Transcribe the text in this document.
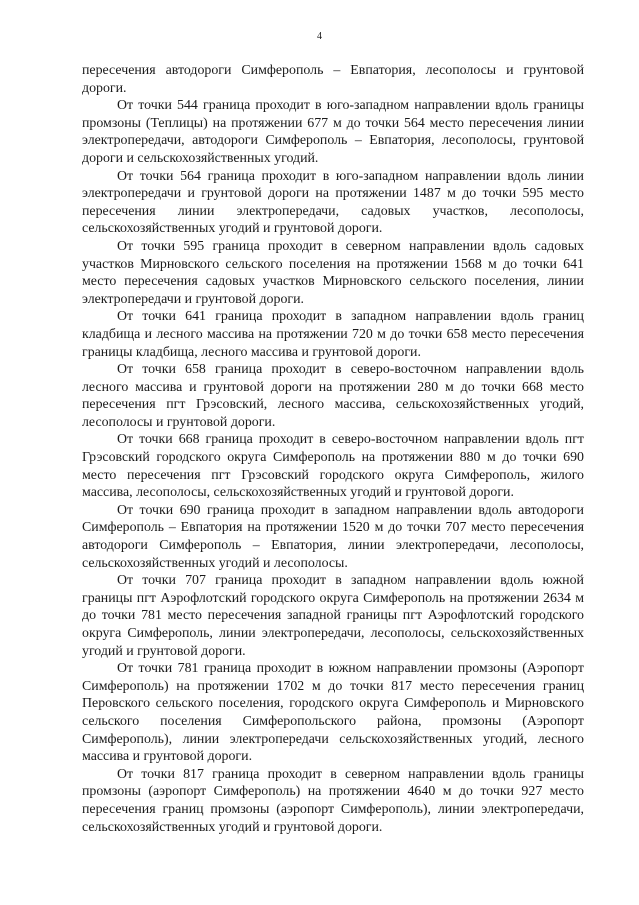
4

пересечения автодороги Симферополь – Евпатория, лесополосы и грунтовой дороги.

От точки 544 граница проходит в юго-западном направлении вдоль границы промзоны (Теплицы) на протяжении 677 м до точки 564 место пересечения линии электропередачи, автодороги Симферополь – Евпатория, лесополосы, грунтовой дороги и сельскохозяйственных угодий.

От точки 564 граница проходит в юго-западном направлении вдоль линии электропередачи и грунтовой дороги на протяжении 1487 м до точки 595 место пересечения линии электропередачи, садовых участков, лесополосы, сельскохозяйственных угодий и грунтовой дороги.

От точки 595 граница проходит в северном направлении вдоль садовых участков Мирновского сельского поселения на протяжении 1568 м до точки 641 место пересечения садовых участков Мирновского сельского поселения, линии электропередачи и грунтовой дороги.

От точки 641 граница проходит в западном направлении вдоль границ кладбища и лесного массива на протяжении 720 м до точки 658 место пересечения границы кладбища, лесного массива и грунтовой дороги.

От точки 658 граница проходит в северо-восточном направлении вдоль лесного массива и грунтовой дороги на протяжении 280 м до точки 668 место пересечения пгт Грэсовский, лесного массива, сельскохозяйственных угодий, лесополосы и грунтовой дороги.

От точки 668 граница проходит в северо-восточном направлении вдоль пгт Грэсовский городского округа Симферополь на протяжении 880 м до точки 690 место пересечения пгт Грэсовский городского округа Симферополь, жилого массива, лесополосы, сельскохозяйственных угодий и грунтовой дороги.

От точки 690 граница проходит в западном направлении вдоль автодороги Симферополь – Евпатория на протяжении 1520 м до точки 707 место пересечения автодороги Симферополь – Евпатория, линии электропередачи, лесополосы, сельскохозяйственных угодий и лесополосы.

От точки 707 граница проходит в западном направлении вдоль южной границы пгт Аэрофлотский городского округа Симферополь на протяжении 2634 м до точки 781 место пересечения западной границы пгт Аэрофлотский городского округа Симферополь, линии электропередачи, лесополосы, сельскохозяйственных угодий и грунтовой дороги.

От точки 781 граница проходит в южном направлении промзоны (Аэропорт Симферополь) на протяжении 1702 м до точки 817 место пересечения границ Перовского сельского поселения, городского округа Симферополь и Мирновского сельского поселения Симферопольского района, промзоны (Аэропорт Симферополь), линии электропередачи сельскохозяйственных угодий, лесного массива и грунтовой дороги.

От точки 817 граница проходит в северном направлении вдоль границы промзоны (аэропорт Симферополь) на протяжении 4640 м до точки 927 место пересечения границ промзоны (аэропорт Симферополь), линии электропередачи, сельскохозяйственных угодий и грунтовой дороги.
